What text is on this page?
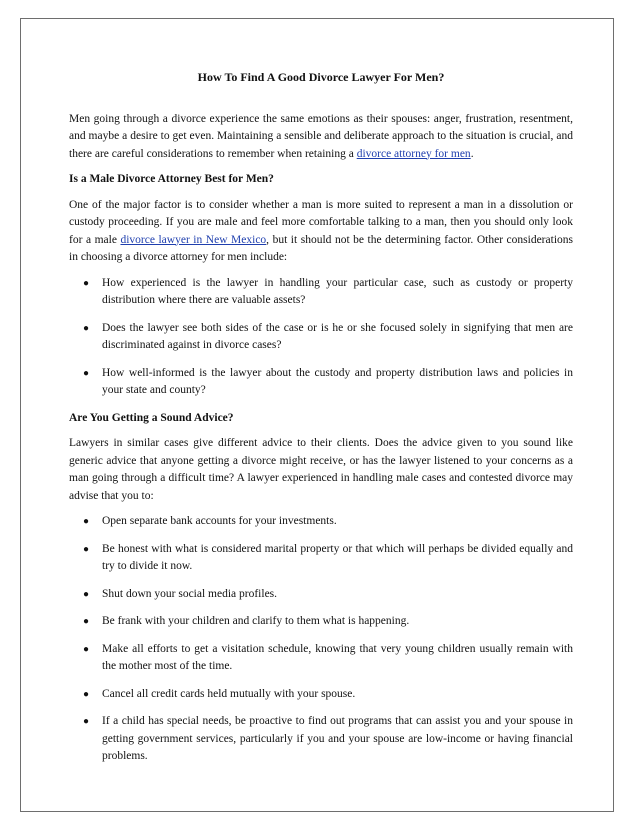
How To Find A Good Divorce Lawyer For Men?

Men going through a divorce experience the same emotions as their spouses: anger, frustration, resentment, and maybe a desire to get even. Maintaining a sensible and deliberate approach to the situation is crucial, and there are careful considerations to remember when retaining a divorce attorney for men.

Is a Male Divorce Attorney Best for Men?

One of the major factor is to consider whether a man is more suited to represent a man in a dissolution or custody proceeding. If you are male and feel more comfortable talking to a man, then you should only look for a male divorce lawyer in New Mexico, but it should not be the determining factor. Other considerations in choosing a divorce attorney for men include:

● How experienced is the lawyer in handling your particular case, such as custody or property distribution where there are valuable assets?
● Does the lawyer see both sides of the case or is he or she focused solely in signifying that men are discriminated against in divorce cases?
● How well-informed is the lawyer about the custody and property distribution laws and policies in your state and county?
Are You Getting a Sound Advice?

Lawyers in similar cases give different advice to their clients. Does the advice given to you sound like generic advice that anyone getting a divorce might receive, or has the lawyer listened to your concerns as a man going through a difficult time? A lawyer experienced in handling male cases and contested divorce may advise that you to:

● Open separate bank accounts for your investments.
● Be honest with what is considered marital property or that which will perhaps be divided equally and try to divide it now.
● Shut down your social media profiles.
● Be frank with your children and clarify to them what is happening.
● Make all efforts to get a visitation schedule, knowing that very young children usually remain with the mother most of the time.
● Cancel all credit cards held mutually with your spouse.
● If a child has special needs, be proactive to find out programs that can assist you and your spouse in getting government services, particularly if you and your spouse are low-income or having financial problems.
